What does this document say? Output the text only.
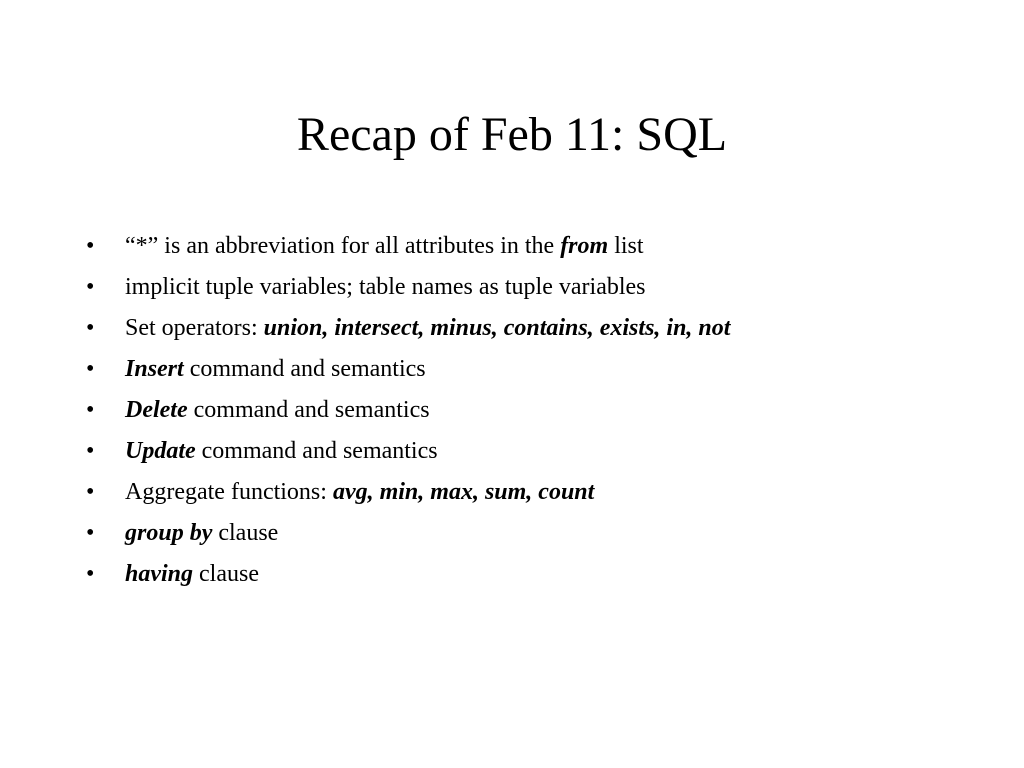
Recap of Feb 11: SQL
• “*” is an abbreviation for all attributes in the from list
• implicit tuple variables; table names as tuple variables
• Set operators: union, intersect, minus, contains, exists, in, not
• Insert command and semantics
• Delete command and semantics
• Update command and semantics
• Aggregate functions: avg, min, max, sum, count
• group by clause
• having clause
